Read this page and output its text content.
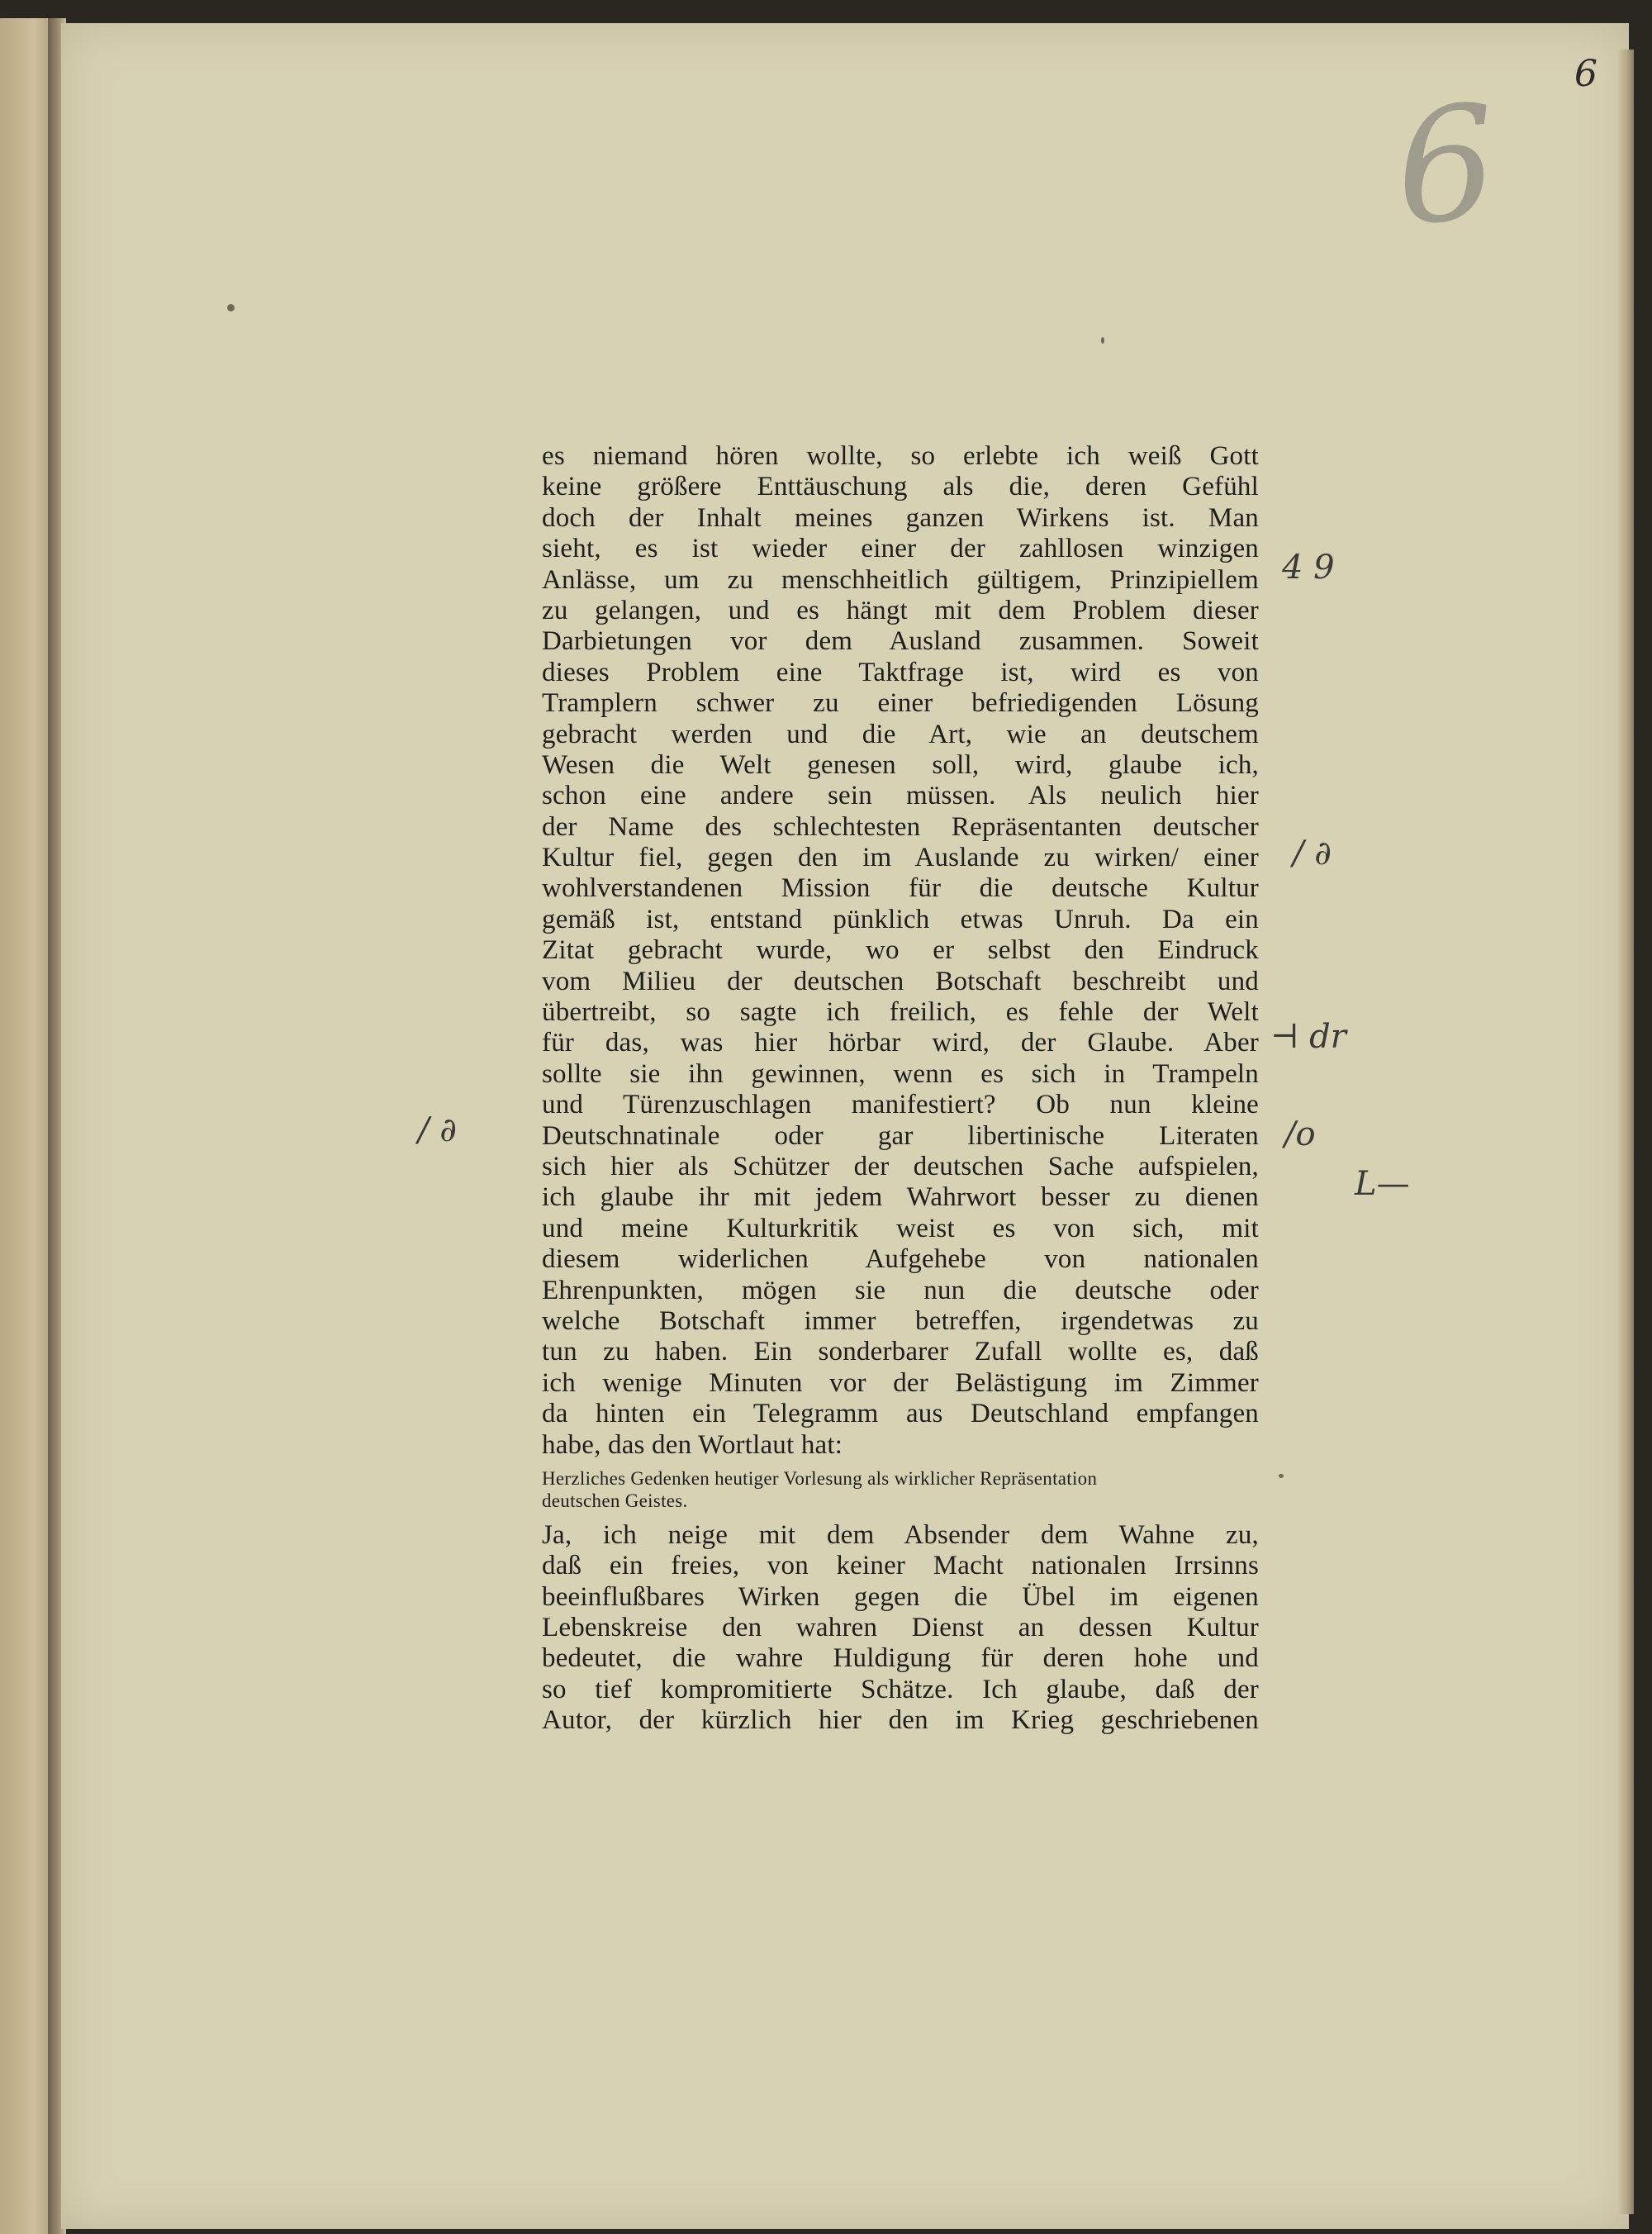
6
6
es niemand hören wollte, so erlebte ich weiß Gott
keine größere Enttäuschung als die, deren Gefühl
doch der Inhalt meines ganzen Wirkens ist. Man
sieht, es ist wieder einer der zahllosen winzigen
Anlässe, um zu menschheitlich gültigem, Prinzipiellem
zu gelangen, und es hängt mit dem Problem dieser
Darbietungen vor dem Ausland zusammen. Soweit
dieses Problem eine Taktfrage ist, wird es von
Tramplern schwer zu einer befriedigenden Lösung
gebracht werden und die Art, wie an deutschem
Wesen die Welt genesen soll, wird, glaube ich,
schon eine andere sein müssen. Als neulich hier
der Name des schlechtesten Repräsentanten deutscher
Kultur fiel, gegen den im Auslande zu wirken/ einer
wohlverstandenen Mission für die deutsche Kultur
gemäß ist, entstand pünklich etwas Unruh. Da ein
Zitat gebracht wurde, wo er selbst den Eindruck
vom Milieu der deutschen Botschaft beschreibt und
übertreibt, so sagte ich freilich, es fehle der Welt
für das, was hier hörbar wird, der Glaube. Aber
sollte sie ihn gewinnen, wenn es sich in Trampeln
und Türenzuschlagen manifestiert? Ob nun kleine
Deutschnatinale oder gar libertinische Literaten
sich hier als Schützer der deutschen Sache aufspielen,
ich glaube ihr mit jedem Wahrwort besser zu dienen
und meine Kulturkritik weist es von sich, mit
diesem widerlichen Aufgehebe von nationalen
Ehrenpunkten, mögen sie nun die deutsche oder
welche Botschaft immer betreffen, irgendetwas zu
tun zu haben. Ein sonderbarer Zufall wollte es, daß
ich wenige Minuten vor der Belästigung im Zimmer
da hinten ein Telegramm aus Deutschland empfangen
habe, das den Wortlaut hat:
Herzliches Gedenken heutiger Vorlesung als wirklicher Repräsentation
deutschen Geistes.
Ja, ich neige mit dem Absender dem Wahne zu,
daß ein freies, von keiner Macht nationalen Irrsinns
beeinflußbares Wirken gegen die Übel im eigenen
Lebenskreise den wahren Dienst an dessen Kultur
bedeutet, die wahre Huldigung für deren hohe und
so tief kompromitierte Schätze. Ich glaube, daß der
Autor, der kürzlich hier den im Krieg geschriebenen
4 9
/ ∂
⊣ dr
/o
L—
/ ∂
